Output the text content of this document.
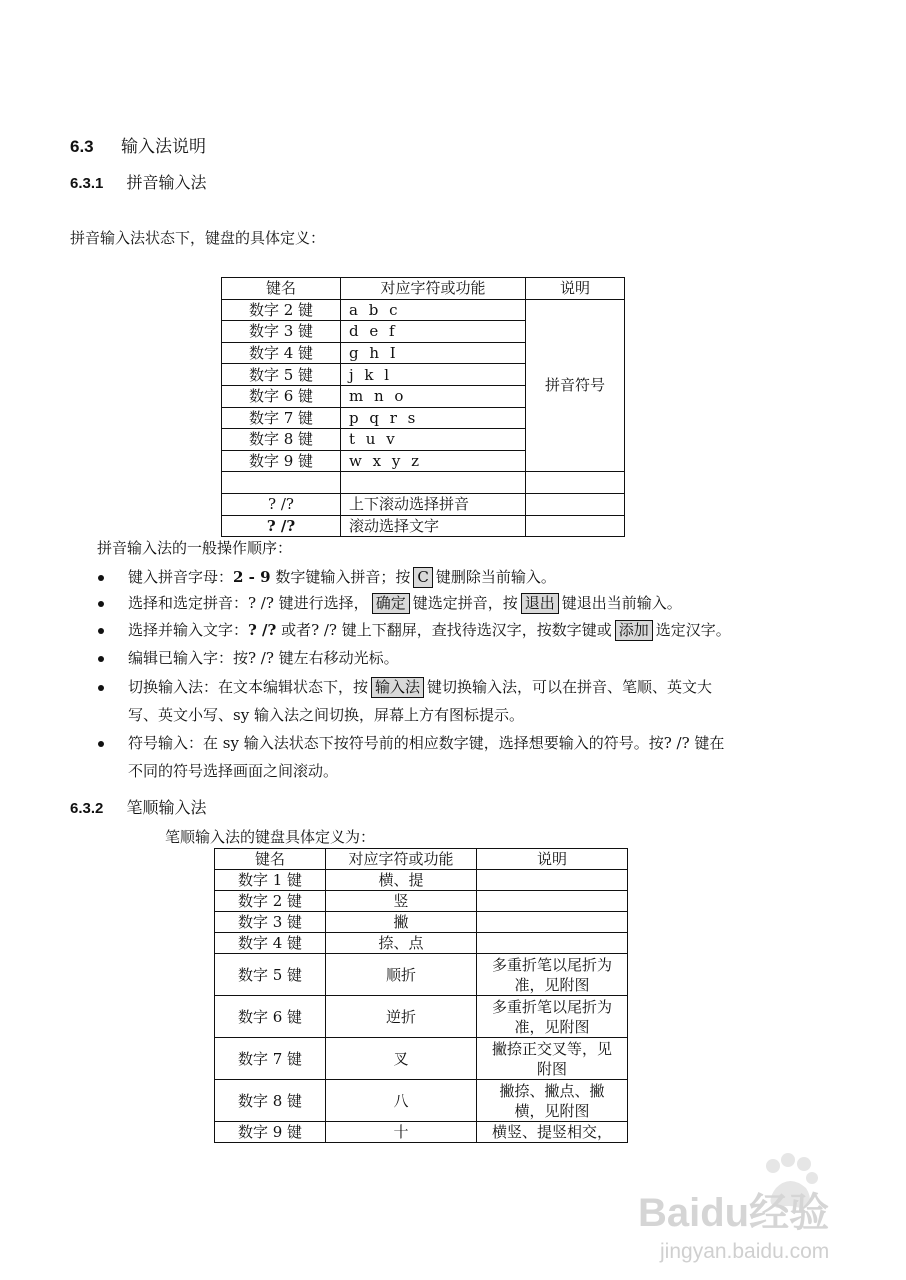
6.3 输入法说明
6.3.1 拼音输入法
拼音输入法状态下，键盘的具体定义：
键名	对应字符或功能	说明
数字 2 键	a b c	拼音符号
数字 3 键	d e f	
数字 4 键	g h I	
数字 5 键	j k l	
数字 6 键	m n o	
数字 7 键	p q r s	
数字 8 键	t u v	
数字 9 键	w x y z	

? /?	上下滚动选择拼音	
? /?	滚动选择文字	
拼音输入法的一般操作顺序：
键入拼音字母：2 - 9 数字键输入拼音；按 C 键删除当前输入。
选择和选定拼音：? /? 键进行选择， 确定 键选定拼音，按 退出 键退出当前输入。
选择并输入文字：? /? 或者? /? 键上下翻屏，查找待选汉字，按数字键或 添加 选定汉字。
编辑已输入字：按? /? 键左右移动光标。
切换输入法：在文本编辑状态下，按 输入法 键切换输入法，可以在拼音、笔顺、英文大
写、英文小写、sy 输入法之间切换，屏幕上方有图标提示。
符号输入：在 sy 输入法状态下按符号前的相应数字键，选择想要输入的符号。按? /? 键在
不同的符号选择画面之间滚动。
6.3.2 笔顺输入法
笔顺输入法的键盘具体定义为：
键名	对应字符或功能	说明
数字 1 键	横、提	
数字 2 键	竖	
数字 3 键	撇	
数字 4 键	捺、点	
数字 5 键	顺折	多重折笔以尾折为
准，见附图

数字 6 键	逆折	多重折笔以尾折为
准，见附图

数字 7 键	叉	撇捺正交叉等，见
附图

数字 8 键	八	撇捺、撇点、撇
横，见附图

数字 9 键	十	横竖、提竖相交，
Baidu经验
jingyan.baidu.com
